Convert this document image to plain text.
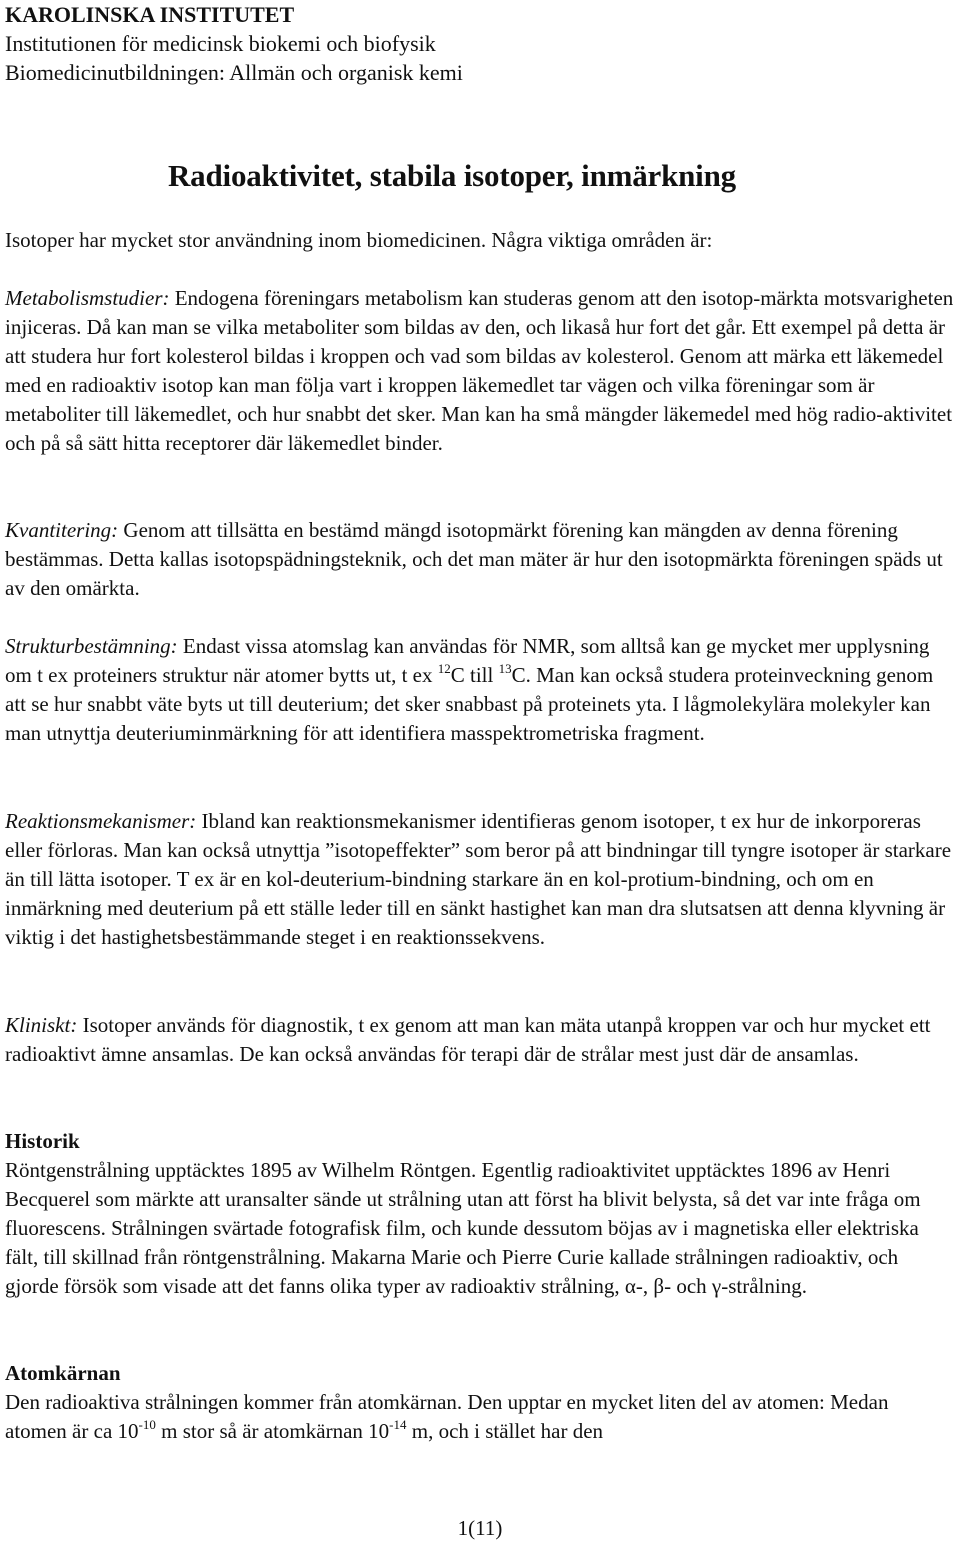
KAROLINSKA INSTITUTET
Institutionen för medicinsk biokemi och biofysik
Biomedicinutbildningen: Allmän och organisk kemi
Radioaktivitet, stabila isotoper, inmärkning

Isotoper har mycket stor användning inom biomedicinen. Några viktiga områden är:

Metabolismstudier: Endogena föreningars metabolism kan studeras genom att den isotop-märkta motsvarigheten injiceras. Då kan man se vilka metaboliter som bildas av den, och likaså hur fort det går. Ett exempel på detta är att studera hur fort kolesterol bildas i kroppen och vad som bildas av kolesterol. Genom att märka ett läkemedel med en radioaktiv isotop kan man följa vart i kroppen läkemedlet tar vägen och vilka föreningar som är metaboliter till läkemedlet, och hur snabbt det sker. Man kan ha små mängder läkemedel med hög radio-aktivitet och på så sätt hitta receptorer där läkemedlet binder.

Kvantitering: Genom att tillsätta en bestämd mängd isotopmärkt förening kan mängden av denna förening bestämmas. Detta kallas isotopspädningsteknik, och det man mäter är hur den isotopmärkta föreningen späds ut av den omärkta.

Strukturbestämning: Endast vissa atomslag kan användas för NMR, som alltså kan ge mycket mer upplysning om t ex proteiners struktur när atomer bytts ut, t ex $^{12}$C till $^{13}$C. Man kan också studera proteinveckning genom att se hur snabbt väte byts ut till deuterium; det sker snabbast på proteinets yta. I lågmolekylära molekyler kan man utnyttja deuteriuminmärkning för att identifiera masspektrometriska fragment.

Reaktionsmekanismer: Ibland kan reaktionsmekanismer identifieras genom isotoper, t ex hur de inkorporeras eller förloras. Man kan också utnyttja ”isotopeffekter” som beror på att bindningar till tyngre isotoper är starkare än till lätta isotoper. T ex är en kol-deuterium-bindning starkare än en kol-protium-bindning, och om en inmärkning med deuterium på ett ställe leder till en sänkt hastighet kan man dra slutsatsen att denna klyvning är viktig i det hastighetsbestämmande steget i en reaktionssekvens.

Kliniskt: Isotoper används för diagnostik, t ex genom att man kan mäta utanpå kroppen var och hur mycket ett radioaktivt ämne ansamlas. De kan också användas för terapi där de strålar mest just där de ansamlas.

Historik

Röntgenstrålning upptäcktes 1895 av Wilhelm Röntgen. Egentlig radioaktivitet upptäcktes 1896 av Henri Becquerel som märkte att uransalter sände ut strålning utan att först ha blivit belysta, så det var inte fråga om fluorescens. Strålningen svärtade fotografisk film, och kunde dessutom böjas av i magnetiska eller elektriska fält, till skillnad från röntgenstrålning. Makarna Marie och Pierre Curie kallade strålningen radioaktiv, och gjorde försök som visade att det fanns olika typer av radioaktiv strålning, α-, β- och γ-strålning.

Atomkärnan

Den radioaktiva strålningen kommer från atomkärnan. Den upptar en mycket liten del av atomen: Medan atomen är ca $10^{-10}$ m stor så är atomkärnan $10^{-14}$ m, och i stället har den

1(11)
